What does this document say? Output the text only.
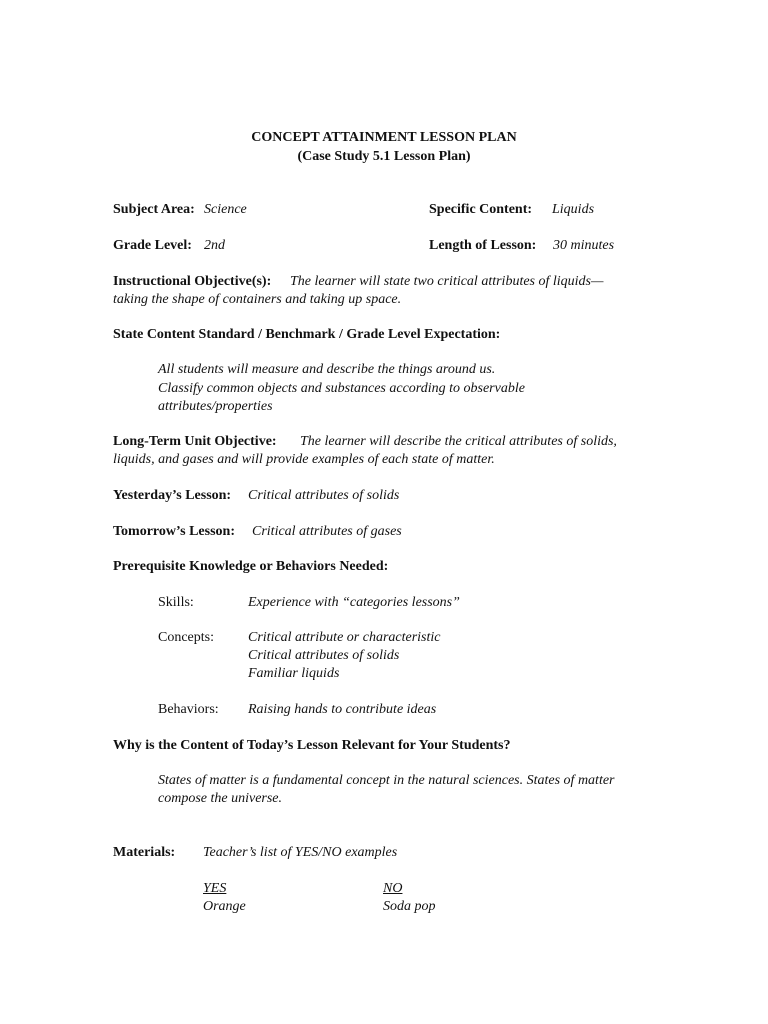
CONCEPT ATTAINMENT LESSON PLAN
(Case Study 5.1 Lesson Plan)
Subject Area: Science	Specific Content: Liquids
Grade Level: 2nd	Length of Lesson: 30 minutes
Instructional Objective(s): The learner will state two critical attributes of liquids—
taking the shape of containers and taking up space.
State Content Standard / Benchmark / Grade Level Expectation:
All students will measure and describe the things around us.
Classify common objects and substances according to observable
attributes/properties
Long-Term Unit Objective: The learner will describe the critical attributes of solids,
liquids, and gases and will provide examples of each state of matter.
Yesterday’s Lesson: Critical attributes of solids
Tomorrow’s Lesson: Critical attributes of gases
Prerequisite Knowledge or Behaviors Needed:
Skills:	Experience with “categories lessons”
Concepts: Critical attribute or characteristic
Critical attributes of solids
Familiar liquids
Behaviors: Raising hands to contribute ideas
Why is the Content of Today’s Lesson Relevant for Your Students?
States of matter is a fundamental concept in the natural sciences. States of matter
compose the universe.
Materials: Teacher’s list of YES/NO examples
YES	NO
Orange	Soda pop
